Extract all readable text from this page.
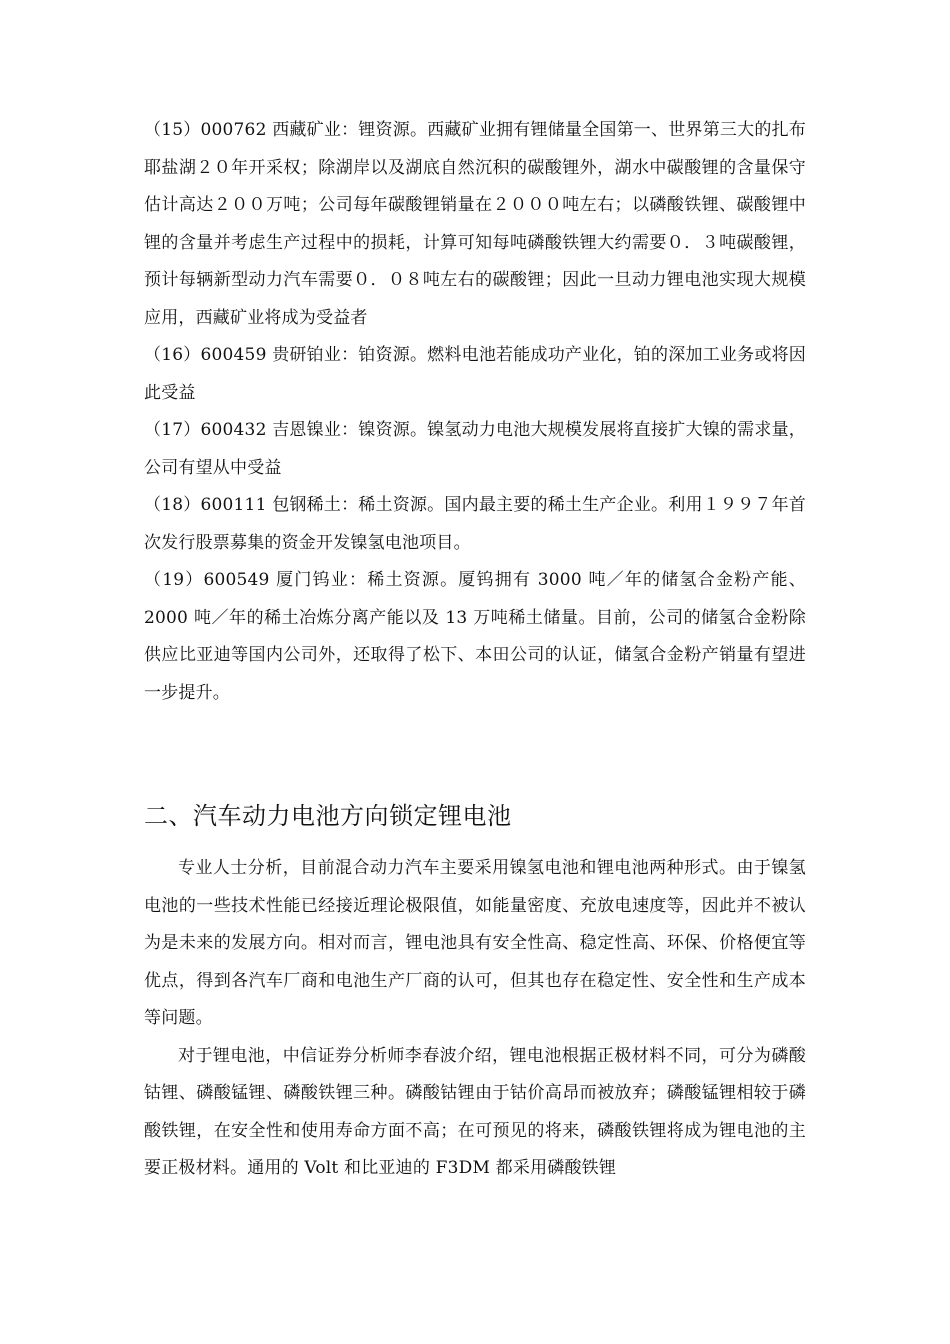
（15）000762 西藏矿业：锂资源。西藏矿业拥有锂储量全国第一、世界第三大的扎布耶盐湖２０年开采权；除湖岸以及湖底自然沉积的碳酸锂外，湖水中碳酸锂的含量保守估计高达２００万吨；公司每年碳酸锂销量在２０００吨左右；以磷酸铁锂、碳酸锂中锂的含量并考虑生产过程中的损耗，计算可知每吨磷酸铁锂大约需要０．３吨碳酸锂，预计每辆新型动力汽车需要０．０８吨左右的碳酸锂；因此一旦动力锂电池实现大规模应用，西藏矿业将成为受益者

（16）600459 贵研铂业：铂资源。燃料电池若能成功产业化，铂的深加工业务或将因此受益

（17）600432 吉恩镍业：镍资源。镍氢动力电池大规模发展将直接扩大镍的需求量，公司有望从中受益

（18）600111 包钢稀土：稀土资源。国内最主要的稀土生产企业。利用１９９７年首次发行股票募集的资金开发镍氢电池项目。

（19）600549 厦门钨业：稀土资源。厦钨拥有 3000 吨／年的储氢合金粉产能、2000 吨／年的稀土冶炼分离产能以及 13 万吨稀土储量。目前，公司的储氢合金粉除供应比亚迪等国内公司外，还取得了松下、本田公司的认证，储氢合金粉产销量有望进一步提升。

二、汽车动力电池方向锁定锂电池

专业人士分析，目前混合动力汽车主要采用镍氢电池和锂电池两种形式。由于镍氢电池的一些技术性能已经接近理论极限值，如能量密度、充放电速度等，因此并不被认为是未来的发展方向。相对而言，锂电池具有安全性高、稳定性高、环保、价格便宜等优点，得到各汽车厂商和电池生产厂商的认可，但其也存在稳定性、安全性和生产成本等问题。

对于锂电池，中信证券分析师李春波介绍，锂电池根据正极材料不同，可分为磷酸钴锂、磷酸锰锂、磷酸铁锂三种。磷酸钴锂由于钴价高昂而被放弃；磷酸锰锂相较于磷酸铁锂，在安全性和使用寿命方面不高；在可预见的将来，磷酸铁锂将成为锂电池的主要正极材料。通用的 Volt 和比亚迪的 F3DM 都采用磷酸铁锂
